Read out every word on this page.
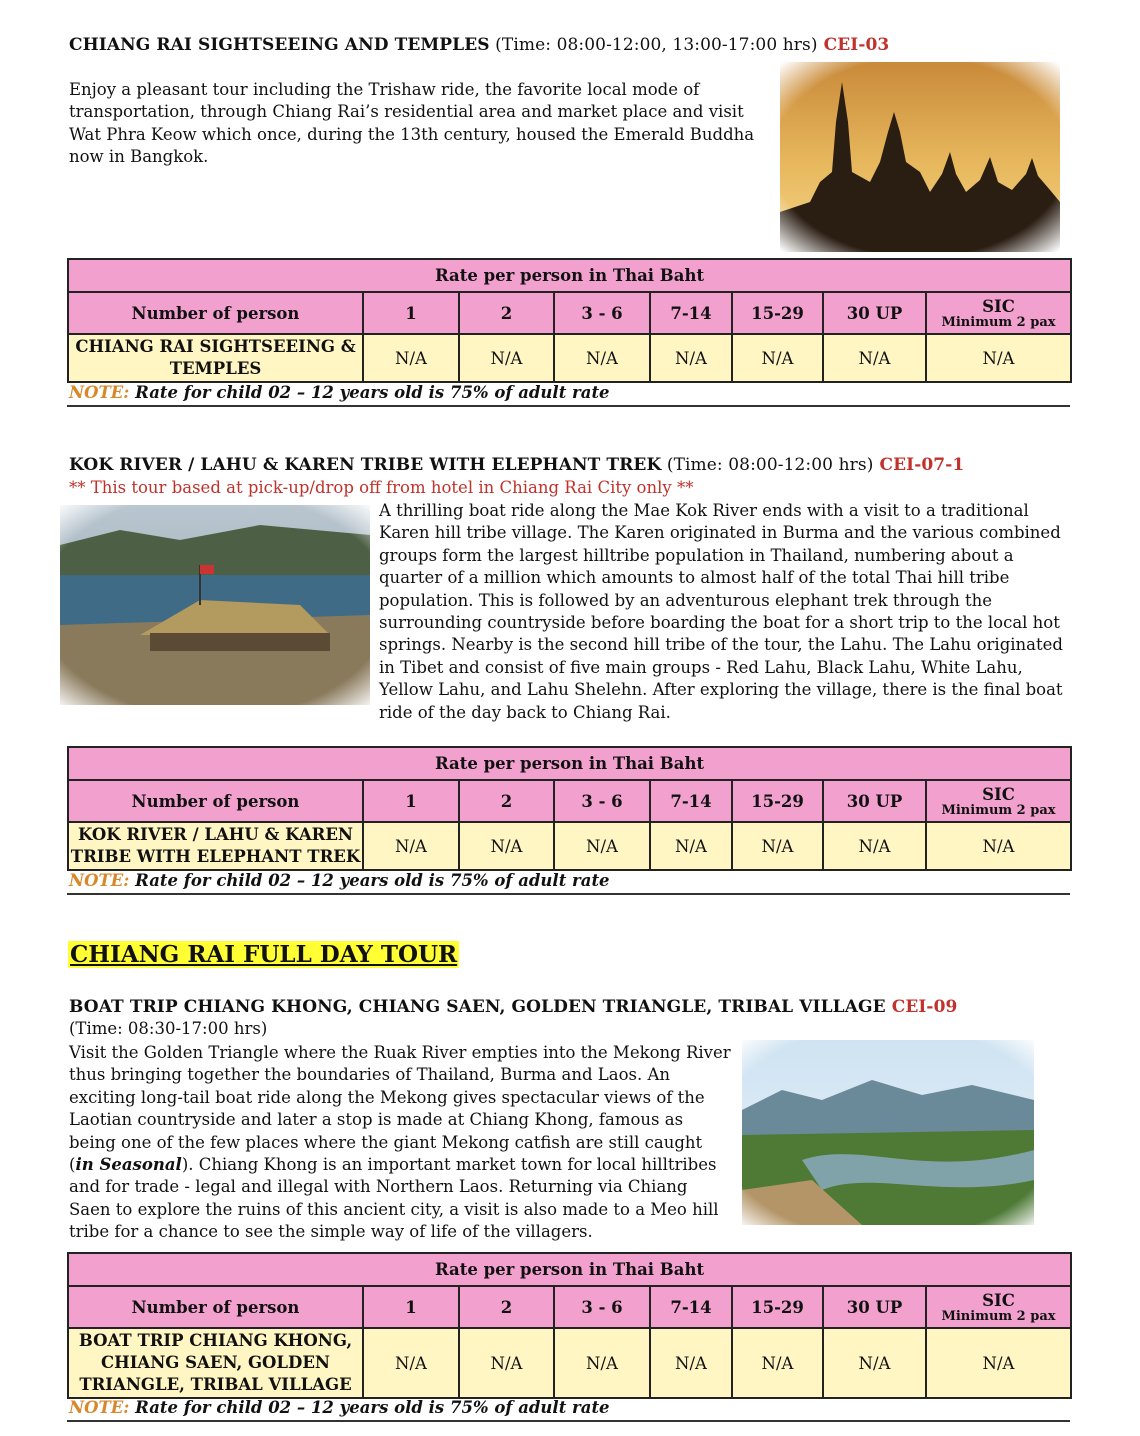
CHIANG RAI SIGHTSEEING AND TEMPLES (Time: 08:00-12:00, 13:00-17:00 hrs) CEI-03

Enjoy a pleasant tour including the Trishaw ride, the favorite local mode of transportation, through Chiang Rai’s residential area and market place and visit Wat Phra Keow which once, during the 13th century, housed the Emerald Buddha now in Bangkok.

Rate per person in Thai Baht							
Number of person	1	2	3 - 6	7-14	15-29	30 UP	SIC
Minimum 2 pax

CHIANG RAI SIGHTSEEING &
TEMPLES	N/A	N/A	N/A	N/A	N/A	N/A	N/A
NOTE: Rate for child 02 – 12 years old is 75% of adult rate
KOK RIVER / LAHU & KAREN TRIBE WITH ELEPHANT TREK (Time: 08:00-12:00 hrs) CEI-07-1
** This tour based at pick-up/drop off from hotel in Chiang Rai City only **

A thrilling boat ride along the Mae Kok River ends with a visit to a traditional Karen hill tribe village. The Karen originated in Burma and the various combined groups form the largest hilltribe population in Thailand, numbering about a quarter of a million which amounts to almost half of the total Thai hill tribe population. This is followed by an adventurous elephant trek through the surrounding countryside before boarding the boat for a short trip to the local hot springs. Nearby is the second hill tribe of the tour, the Lahu. The Lahu originated in Tibet and consist of five main groups - Red Lahu, Black Lahu, White Lahu, Yellow Lahu, and Lahu Shelehn. After exploring the village, there is the final boat ride of the day back to Chiang Rai.

Rate per person in Thai Baht							
Number of person	1	2	3 - 6	7-14	15-29	30 UP	SIC
Minimum 2 pax

KOK RIVER / LAHU & KAREN
TRIBE WITH ELEPHANT TREK	N/A	N/A	N/A	N/A	N/A	N/A	N/A
NOTE: Rate for child 02 – 12 years old is 75% of adult rate
CHIANG RAI FULL DAY TOUR
BOAT TRIP CHIANG KHONG, CHIANG SAEN, GOLDEN TRIANGLE, TRIBAL VILLAGE CEI-09
(Time: 08:30-17:00 hrs)

Visit the Golden Triangle where the Ruak River empties into the Mekong River thus bringing together the boundaries of Thailand, Burma and Laos. An exciting long-tail boat ride along the Mekong gives spectacular views of the Laotian countryside and later a stop is made at Chiang Khong, famous as being one of the few places where the giant Mekong catfish are still caught (in Seasonal). Chiang Khong is an important market town for local hilltribes and for trade - legal and illegal with Northern Laos. Returning via Chiang Saen to explore the ruins of this ancient city, a visit is also made to a Meo hill tribe for a chance to see the simple way of life of the villagers.

Rate per person in Thai Baht							
Number of person	1	2	3 - 6	7-14	15-29	30 UP	SIC
Minimum 2 pax

BOAT TRIP CHIANG KHONG,
CHIANG SAEN, GOLDEN
TRIANGLE, TRIBAL VILLAGE	N/A	N/A	N/A	N/A	N/A	N/A	N/A
NOTE: Rate for child 02 – 12 years old is 75% of adult rate
